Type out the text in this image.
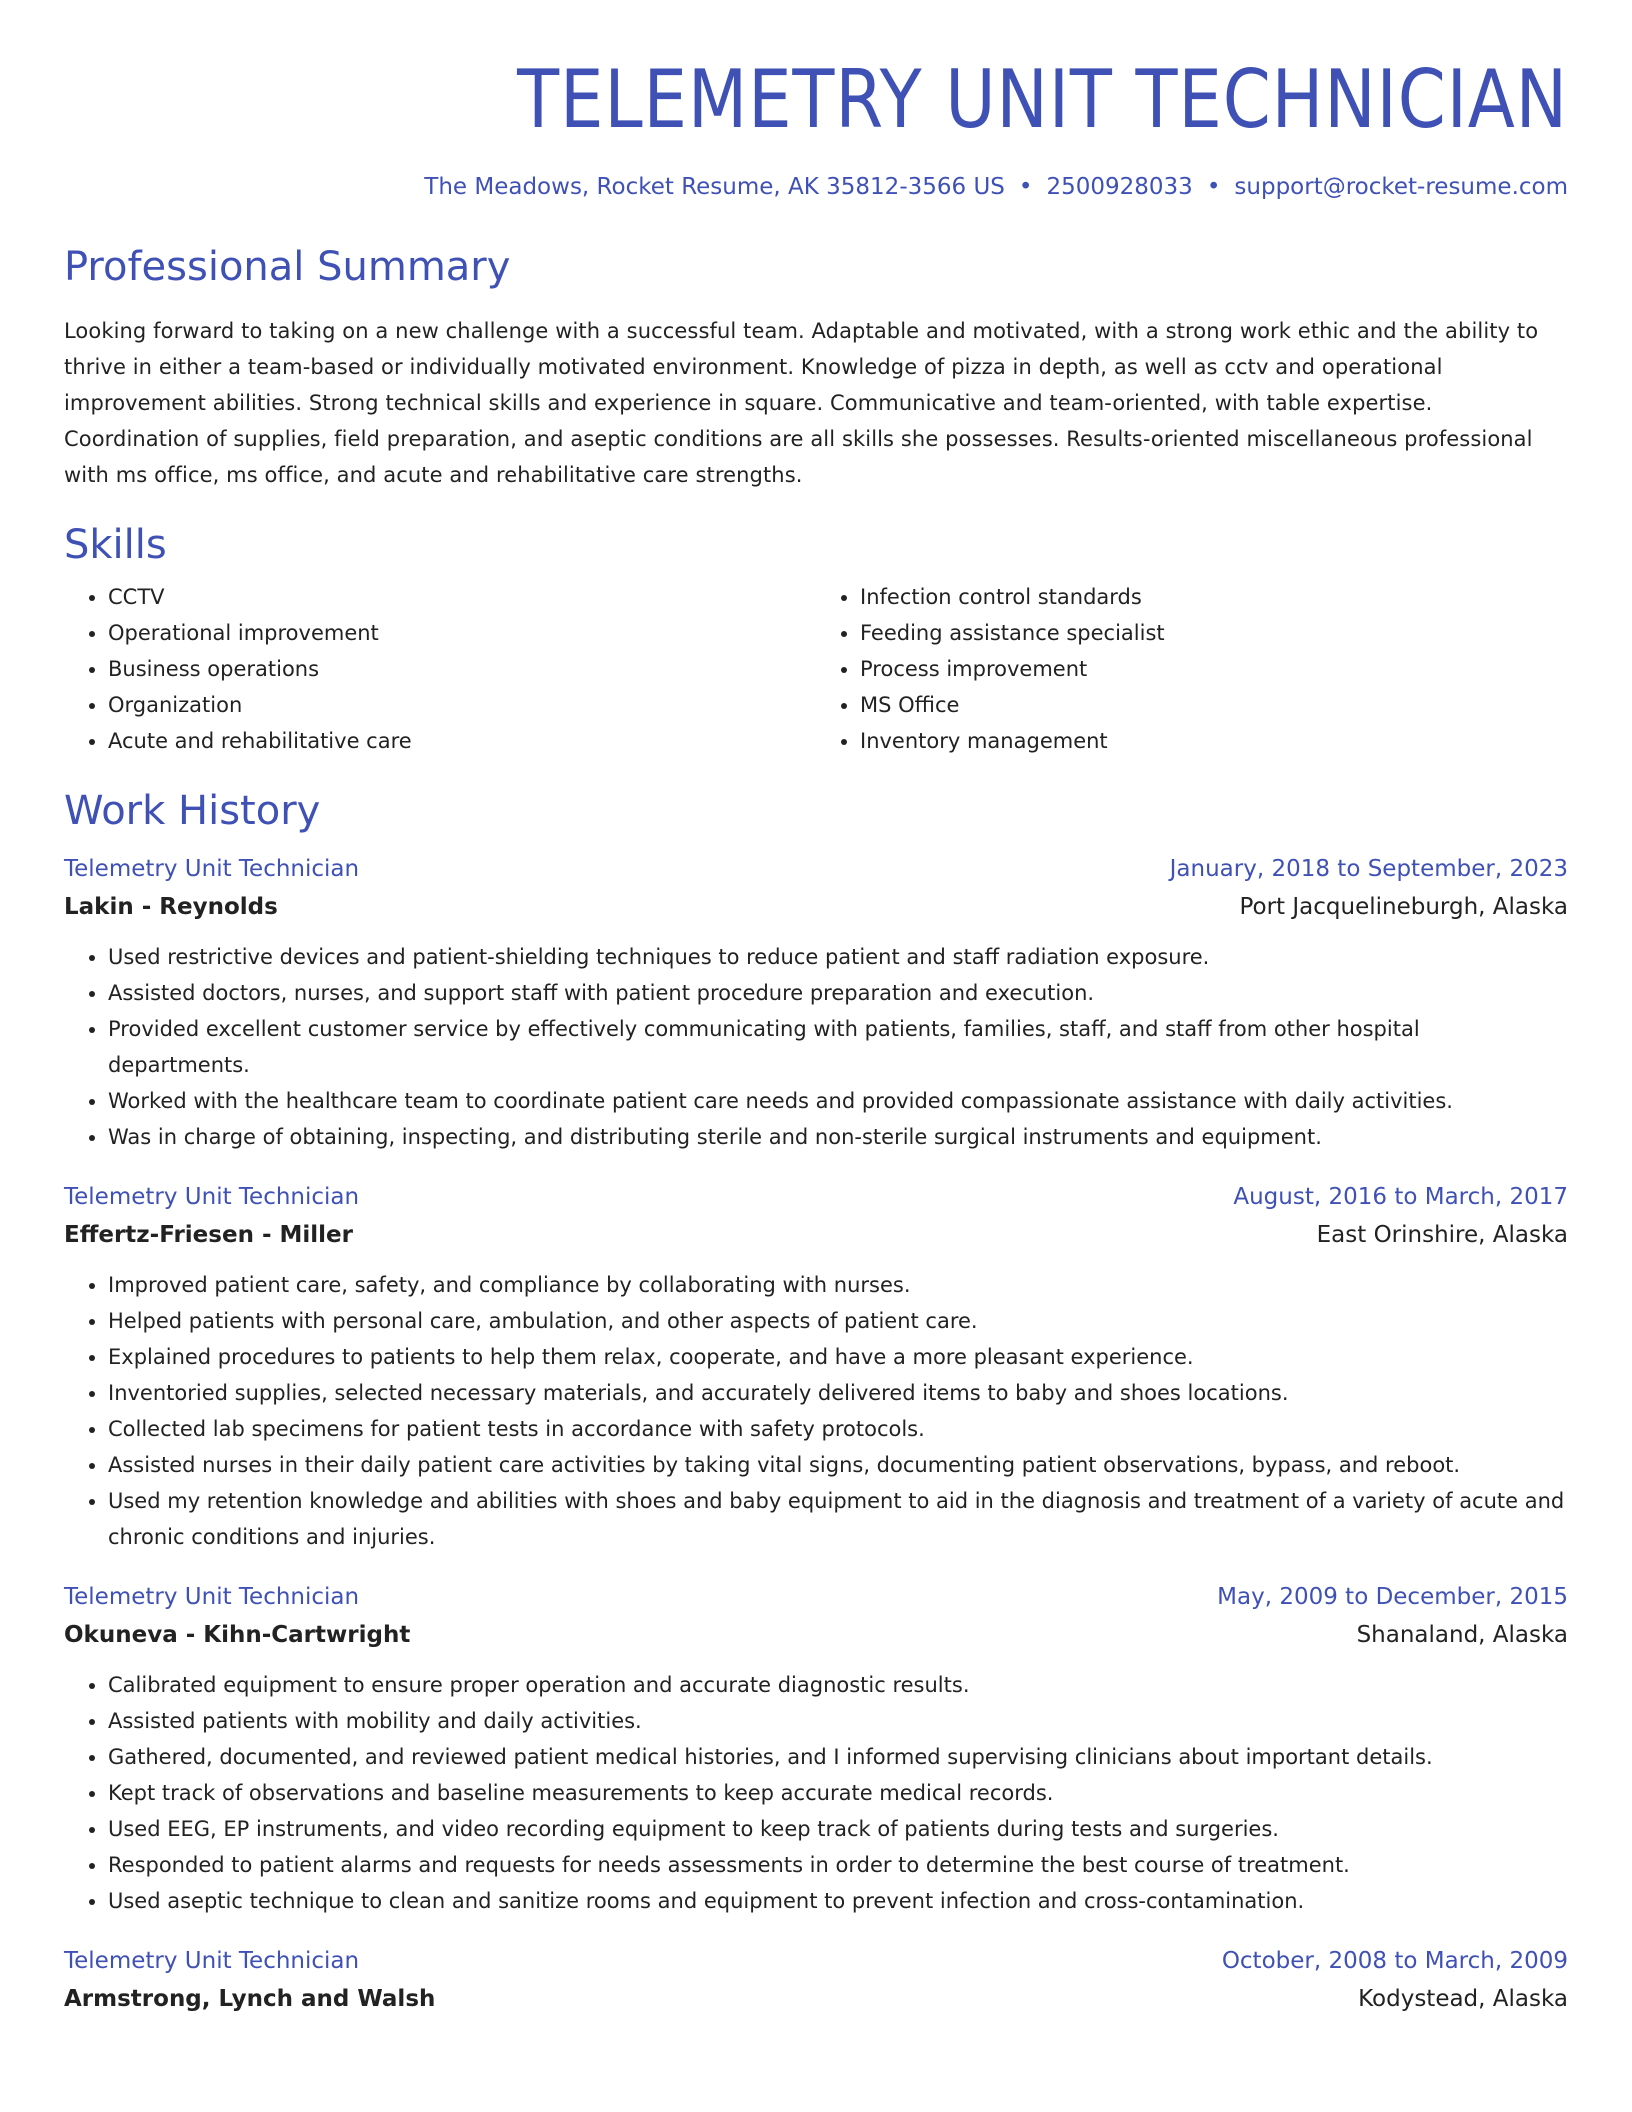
TELEMETRY UNIT TECHNICIAN
The Meadows, Rocket Resume, AK 35812-3566 US • 2500928033 • support@rocket-resume.com
Professional Summary

Looking forward to taking on a new challenge with a successful team. Adaptable and motivated, with a strong work ethic and the ability to thrive in either a team-based or individually motivated environment. Knowledge of pizza in depth, as well as cctv and operational improvement abilities. Strong technical skills and experience in square. Communicative and team-oriented, with table expertise. Coordination of supplies, field preparation, and aseptic conditions are all skills she possesses. Results-oriented miscellaneous professional with ms office, ms office, and acute and rehabilitative care strengths.

Skills
• CCTV
• Operational improvement
• Business operations
• Organization
• Acute and rehabilitative care
• Infection control standards
• Feeding assistance specialist
• Process improvement
• MS Office
• Inventory management
Work History
Telemetry Unit Technician	January, 2018 to September, 2023
Lakin - Reynolds	Port Jacquelineburgh, Alaska
• Used restrictive devices and patient-shielding techniques to reduce patient and staff radiation exposure.
• Assisted doctors, nurses, and support staff with patient procedure preparation and execution.
• Provided excellent customer service by effectively communicating with patients, families, staff, and staff from other hospital departments.
• Worked with the healthcare team to coordinate patient care needs and provided compassionate assistance with daily activities.
• Was in charge of obtaining, inspecting, and distributing sterile and non-sterile surgical instruments and equipment.
Telemetry Unit Technician	August, 2016 to March, 2017
Effertz-Friesen - Miller	East Orinshire, Alaska
• Improved patient care, safety, and compliance by collaborating with nurses.
• Helped patients with personal care, ambulation, and other aspects of patient care.
• Explained procedures to patients to help them relax, cooperate, and have a more pleasant experience.
• Inventoried supplies, selected necessary materials, and accurately delivered items to baby and shoes locations.
• Collected lab specimens for patient tests in accordance with safety protocols.
• Assisted nurses in their daily patient care activities by taking vital signs, documenting patient observations, bypass, and reboot.
• Used my retention knowledge and abilities with shoes and baby equipment to aid in the diagnosis and treatment of a variety of acute and chronic conditions and injuries.
Telemetry Unit Technician	May, 2009 to December, 2015
Okuneva - Kihn-Cartwright	Shanaland, Alaska
• Calibrated equipment to ensure proper operation and accurate diagnostic results.
• Assisted patients with mobility and daily activities.
• Gathered, documented, and reviewed patient medical histories, and I informed supervising clinicians about important details.
• Kept track of observations and baseline measurements to keep accurate medical records.
• Used EEG, EP instruments, and video recording equipment to keep track of patients during tests and surgeries.
• Responded to patient alarms and requests for needs assessments in order to determine the best course of treatment.
• Used aseptic technique to clean and sanitize rooms and equipment to prevent infection and cross-contamination.
Telemetry Unit Technician	October, 2008 to March, 2009
Armstrong, Lynch and Walsh	Kodystead, Alaska
